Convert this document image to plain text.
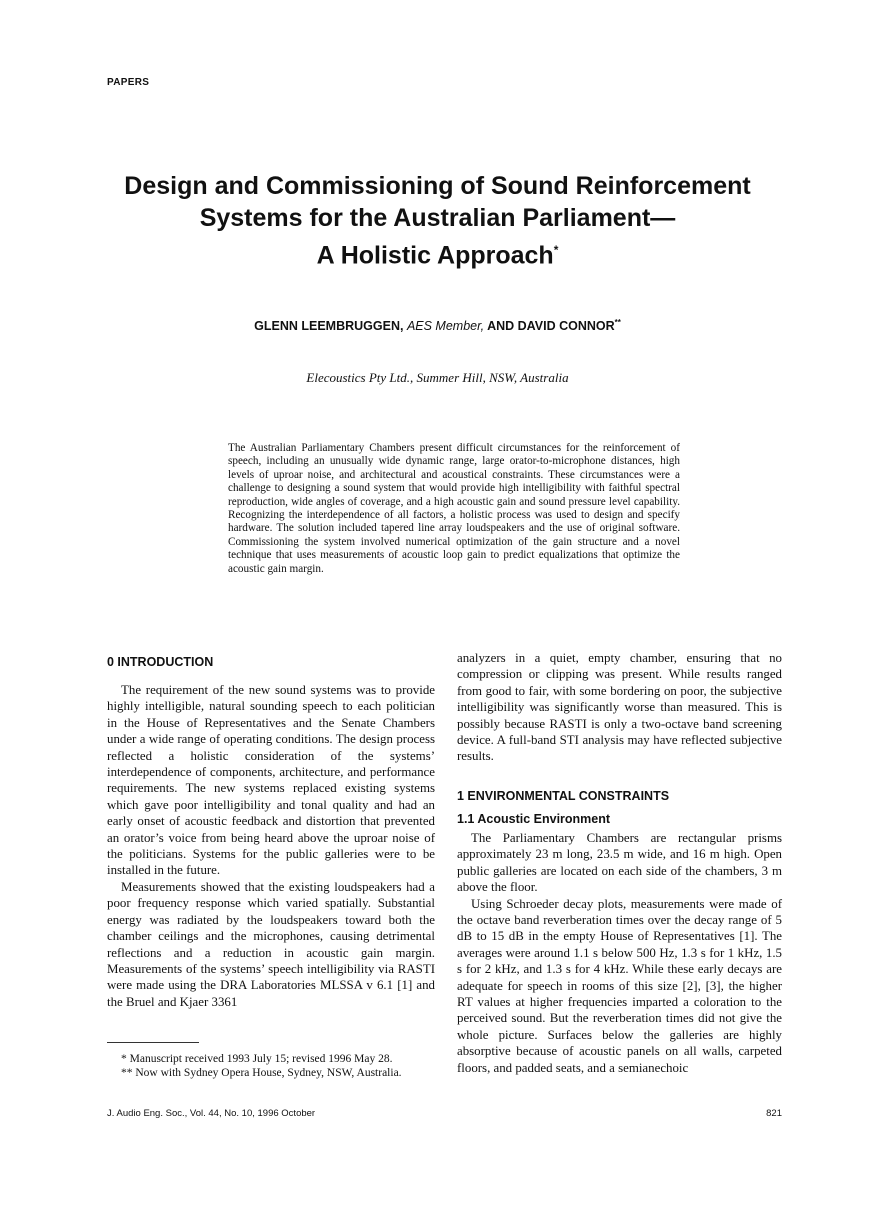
PAPERS
Design and Commissioning of Sound Reinforcement
Systems for the Australian Parliament—
A Holistic Approach*
GLENN LEEMBRUGGEN, AES Member, AND DAVID CONNOR**
Elecoustics Pty Ltd., Summer Hill, NSW, Australia
The Australian Parliamentary Chambers present difficult circumstances for the reinforcement of speech, including an unusually wide dynamic range, large orator-to-microphone distances, high levels of uproar noise, and architectural and acoustical constraints. These circumstances were a challenge to designing a sound system that would provide high intelligibility with faithful spectral reproduction, wide angles of coverage, and a high acoustic gain and sound pressure level capability. Recognizing the interdependence of all factors, a holistic process was used to design and specify hardware. The solution included tapered line array loudspeakers and the use of original software. Commissioning the system involved numerical optimization of the gain structure and a novel technique that uses measurements of acoustic loop gain to predict equalizations that optimize the acoustic gain margin.
0 INTRODUCTION

The requirement of the new sound systems was to provide highly intelligible, natural sounding speech to each politician in the House of Representatives and the Senate Chambers under a wide range of operating conditions. The design process reflected a holistic consideration of the systems’ interdependence of components, architecture, and performance requirements. The new systems replaced existing systems which gave poor intelligibility and tonal quality and had an early onset of acoustic feedback and distortion that prevented an orator’s voice from being heard above the uproar noise of the politicians. Systems for the public galleries were to be installed in the future.

Measurements showed that the existing loudspeakers had a poor frequency response which varied spatially. Substantial energy was radiated by the loudspeakers toward both the chamber ceilings and the microphones, causing detrimental reflections and a reduction in acoustic gain margin. Measurements of the systems’ speech intelligibility via RASTI were made using the DRA Laboratories MLSSA v 6.1 [1] and the Bruel and Kjaer 3361

analyzers in a quiet, empty chamber, ensuring that no compression or clipping was present. While results ranged from good to fair, with some bordering on poor, the subjective intelligibility was significantly worse than measured. This is possibly because RASTI is only a two-octave band screening device. A full-band STI analysis may have reflected subjective results.

1 ENVIRONMENTAL CONSTRAINTS
1.1 Acoustic Environment

The Parliamentary Chambers are rectangular prisms approximately 23 m long, 23.5 m wide, and 16 m high. Open public galleries are located on each side of the chambers, 3 m above the floor.

Using Schroeder decay plots, measurements were made of the octave band reverberation times over the decay range of 5 dB to 15 dB in the empty House of Representatives [1]. The averages were around 1.1 s below 500 Hz, 1.3 s for 1 kHz, 1.5 s for 2 kHz, and 1.3 s for 4 kHz. While these early decays are adequate for speech in rooms of this size [2], [3], the higher RT values at higher frequencies imparted a coloration to the perceived sound. But the reverberation times did not give the whole picture. Surfaces below the galleries are highly absorptive because of acoustic panels on all walls, carpeted floors, and padded seats, and a semianechoic

* Manuscript received 1993 July 15; revised 1996 May 28.
** Now with Sydney Opera House, Sydney, NSW, Australia.
J. Audio Eng. Soc., Vol. 44, No. 10, 1996 October	821
